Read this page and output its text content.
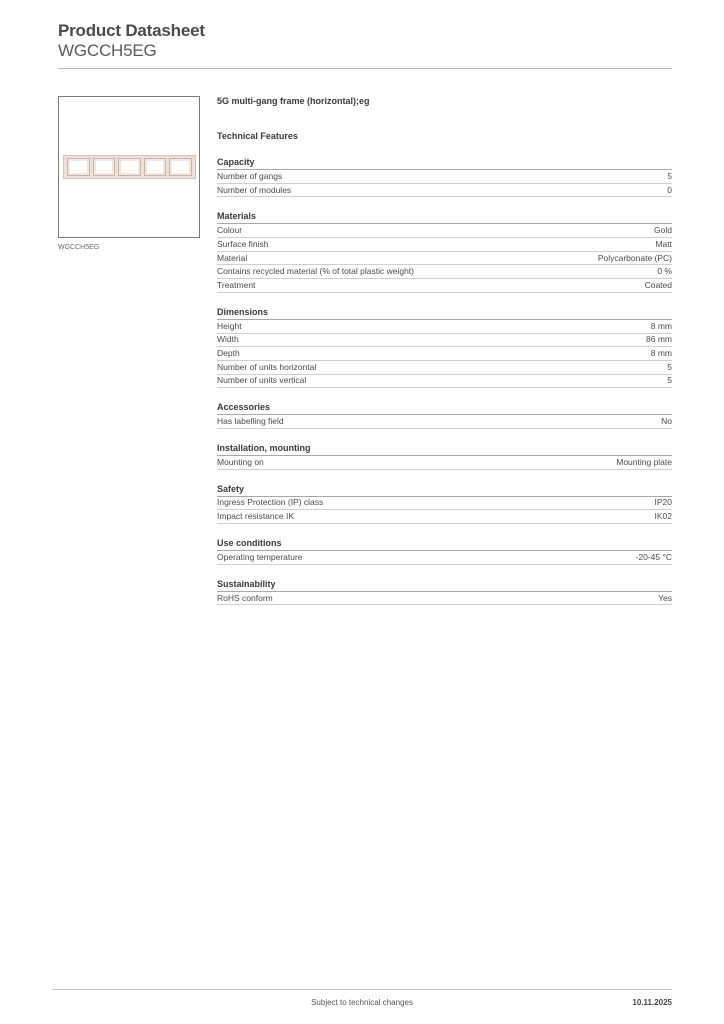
Product Datasheet
WGCCH5EG
WGCCH5EG
5G multi-gang frame (horizontal);eg
Technical Features
Capacity
Number of gangs	5
Number of modules	0
Materials
Colour	Gold
Surface finish	Matt
Material	Polycarbonate (PC)
Contains recycled material (% of total plastic weight)	0 %
Treatment	Coated
Dimensions
Height	8 mm
Width	86 mm
Depth	8 mm
Number of units horizontal	5
Number of units vertical	5
Accessories
Has labelling field	No
Installation, mounting
Mounting on	Mounting plate
Safety
Ingress Protection (IP) class	IP20
Impact resistance IK	IK02
Use conditions
Operating temperature	-20-45 °C
Sustainability
RoHS conform	Yes
Subject to technical changes	10.11.2025
